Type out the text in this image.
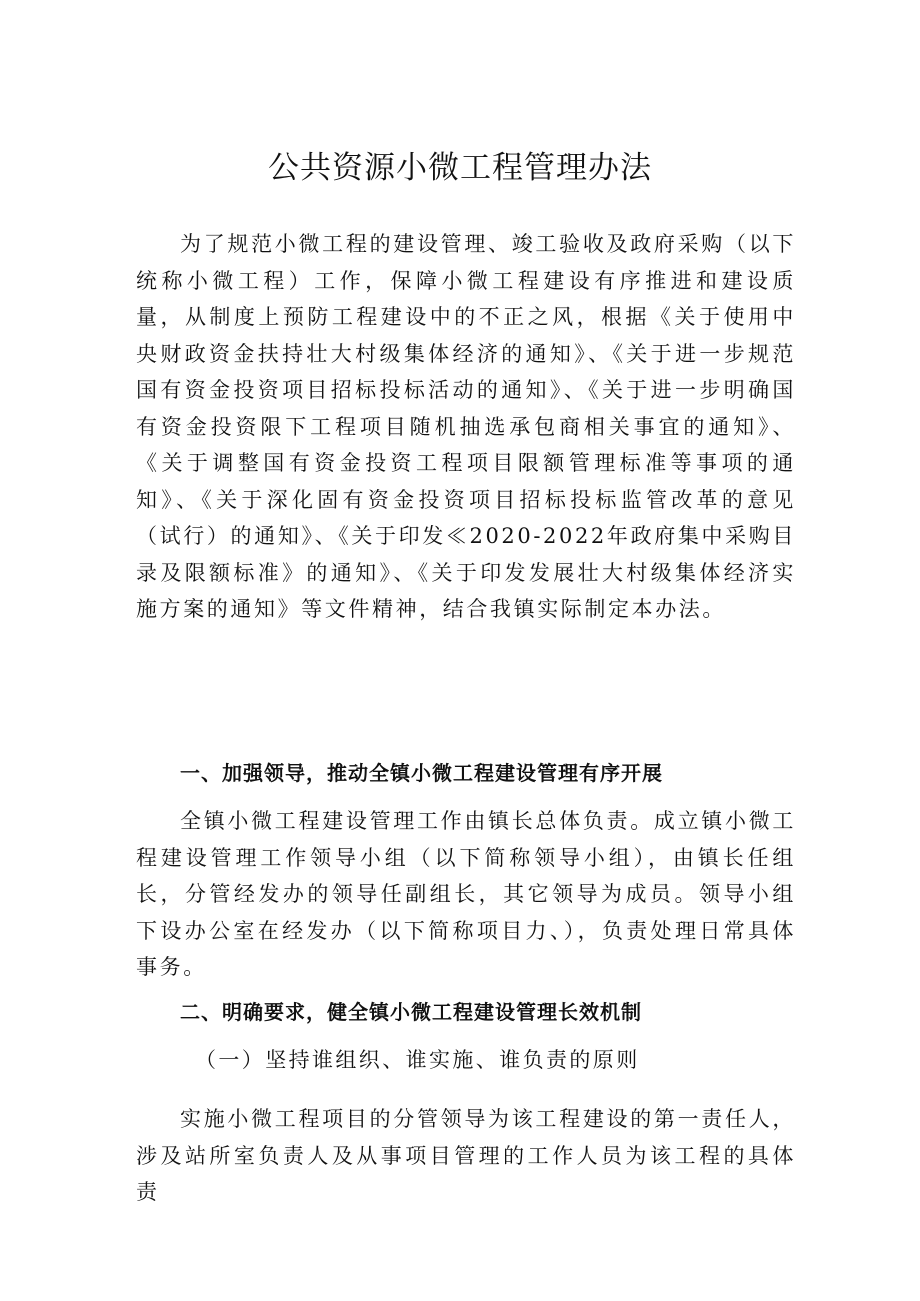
公共资源小微工程管理办法

为了规范小微工程的建设管理、竣工验收及政府采购（以下统称小微工程）工作，保障小微工程建设有序推进和建设质量，从制度上预防工程建设中的不正之风，根据《关于使用中央财政资金扶持壮大村级集体经济的通知》、《关于进一步规范国有资金投资项目招标投标活动的通知》、《关于进一步明确国有资金投资限下工程项目随机抽选承包商相关事宜的通知》、《关于调整国有资金投资工程项目限额管理标准等事项的通知》、《关于深化固有资金投资项目招标投标监管改革的意见（试行）的通知》、《关于印发≪2020-2022年政府集中采购目录及限额标准》的通知》、《关于印发发展壮大村级集体经济实施方案的通知》等文件精神，结合我镇实际制定本办法。

一、加强领导，推动全镇小微工程建设管理有序开展

全镇小微工程建设管理工作由镇长总体负责。成立镇小微工程建设管理工作领导小组（以下简称领导小组），由镇长任组长，分管经发办的领导任副组长，其它领导为成员。领导小组下设办公室在经发办（以下简称项目力、），负责处理日常具体事务。

二、明确要求，健全镇小微工程建设管理长效机制

（一）坚持谁组织、谁实施、谁负责的原则

实施小微工程项目的分管领导为该工程建设的第一责任人，涉及站所室负责人及从事项目管理的工作人员为该工程的具体责
